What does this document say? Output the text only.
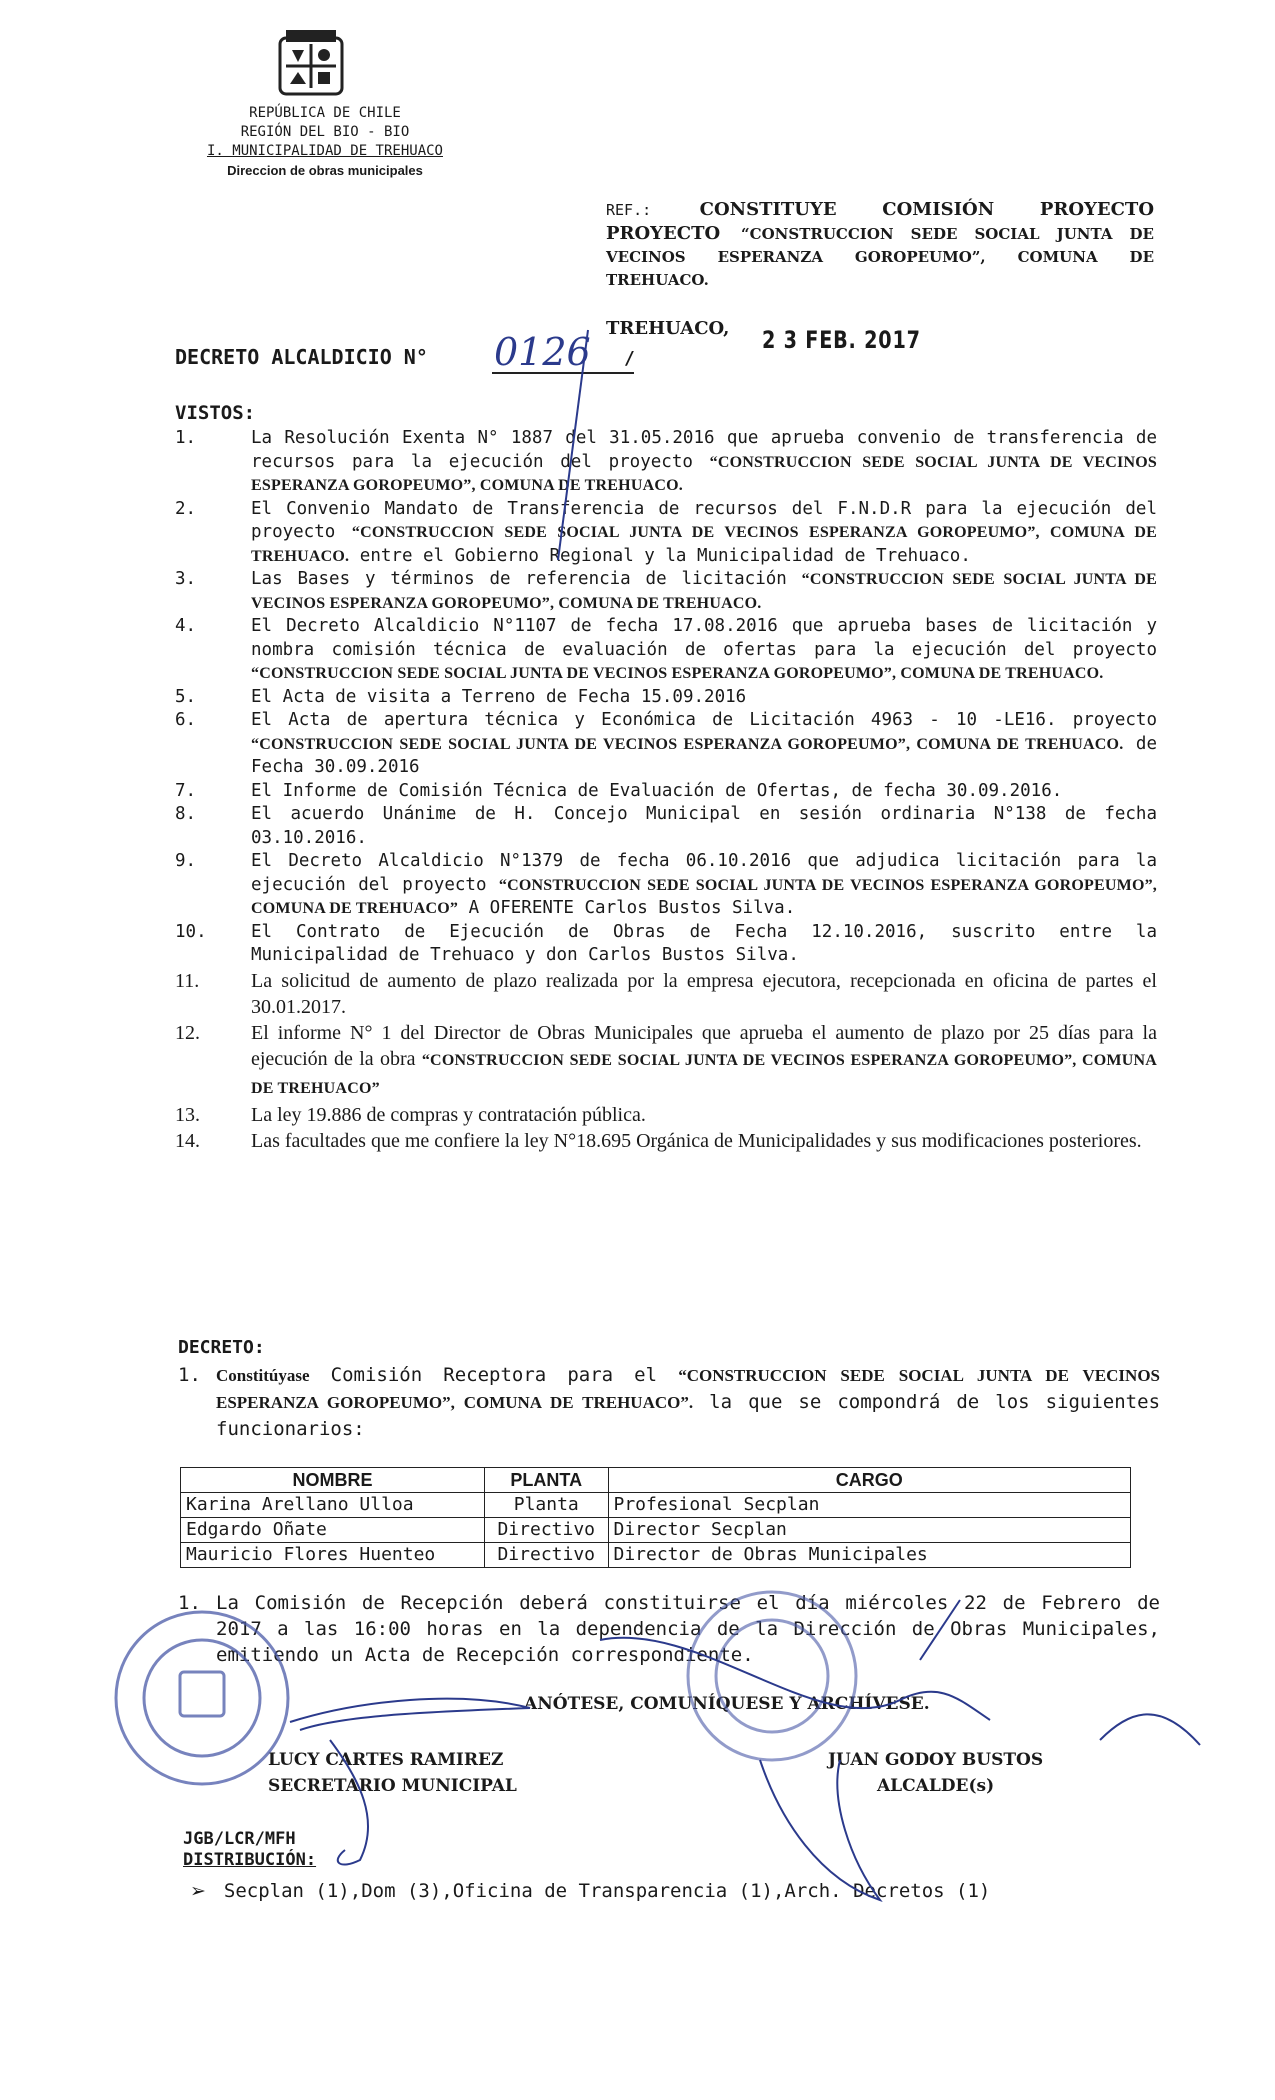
REPÚBLICA DE CHILE
REGIÓN DEL BIO - BIO
I. MUNICIPALIDAD DE TREHUACO
Direccion de obras municipales
REF.:	CONSTITUYE COMISIÓN PROYECTO PROYECTO “CONSTRUCCION SEDE SOCIAL JUNTA DE VECINOS ESPERANZA GOROPEUMO”, COMUNA DE TREHUACO.
TREHUACO, 2 3 FEB. 2017
DECRETO ALCALDICIO N° 0126 /
VISTOS:
1.	La Resolución Exenta N° 1887 del 31.05.2016 que aprueba convenio de transferencia de recursos para la ejecución del proyecto “CONSTRUCCION SEDE SOCIAL JUNTA DE VECINOS ESPERANZA GOROPEUMO”, COMUNA DE TREHUACO.
2.	El Convenio Mandato de Transferencia de recursos del F.N.D.R para la ejecución del proyecto “CONSTRUCCION SEDE SOCIAL JUNTA DE VECINOS ESPERANZA GOROPEUMO”, COMUNA DE TREHUACO. entre el Gobierno Regional y la Municipalidad de Trehuaco.
3.	Las Bases y términos de referencia de licitación “CONSTRUCCION SEDE SOCIAL JUNTA DE VECINOS ESPERANZA GOROPEUMO”, COMUNA DE TREHUACO.
4.	El Decreto Alcaldicio N°1107 de fecha 17.08.2016 que aprueba bases de licitación y nombra comisión técnica de evaluación de ofertas para la ejecución del proyecto “CONSTRUCCION SEDE SOCIAL JUNTA DE VECINOS ESPERANZA GOROPEUMO”, COMUNA DE TREHUACO.
5.	El Acta de visita a Terreno de Fecha 15.09.2016
6.	El Acta de apertura técnica y Económica de Licitación 4963 - 10 -LE16. proyecto “CONSTRUCCION SEDE SOCIAL JUNTA DE VECINOS ESPERANZA GOROPEUMO”, COMUNA DE TREHUACO. de Fecha 30.09.2016
7.	El Informe de Comisión Técnica de Evaluación de Ofertas, de fecha 30.09.2016.
8.	El acuerdo Unánime de H. Concejo Municipal en sesión ordinaria N°138 de fecha 03.10.2016.
9.	El Decreto Alcaldicio N°1379 de fecha 06.10.2016 que adjudica licitación para la ejecución del proyecto “CONSTRUCCION SEDE SOCIAL JUNTA DE VECINOS ESPERANZA GOROPEUMO”, COMUNA DE TREHUACO” A OFERENTE Carlos Bustos Silva.
10.	El Contrato de Ejecución de Obras de Fecha 12.10.2016, suscrito entre la Municipalidad de Trehuaco y don Carlos Bustos Silva.
11.	La solicitud de aumento de plazo realizada por la empresa ejecutora, recepcionada en oficina de partes el 30.01.2017.
12.	El informe N° 1 del Director de Obras Municipales que aprueba el aumento de plazo por 25 días para la ejecución de la obra “CONSTRUCCION SEDE SOCIAL JUNTA DE VECINOS ESPERANZA GOROPEUMO”, COMUNA DE TREHUACO”
13.	La ley 19.886 de compras y contratación pública.
14.	Las facultades que me confiere la ley N°18.695 Orgánica de Municipalidades y sus modificaciones posteriores.
DECRETO:
1. Constitúyase Comisión Receptora para el “CONSTRUCCION SEDE SOCIAL JUNTA DE VECINOS ESPERANZA GOROPEUMO”, COMUNA DE TREHUACO”. la que se compondrá de los siguientes funcionarios:
NOMBRE	PLANTA	CARGO
Karina Arellano Ulloa	Planta	Profesional Secplan
Edgardo Oñate	Directivo	Director Secplan
Mauricio Flores Huenteo	Directivo	Director de Obras Municipales
1. La Comisión de Recepción deberá constituirse el día miércoles 22 de Febrero de 2017 a las 16:00 horas en la dependencia de la Dirección de Obras Municipales, emitiendo un Acta de Recepción correspondiente.
ANÓTESE, COMUNÍQUESE Y ARCHÍVESE.
LUCY CARTES RAMIREZ
SECRETARIO MUNICIPAL
JUAN GODOY BUSTOS
ALCALDE(s)
JGB/LCR/MFH
DISTRIBUCIÓN:
➢ Secplan (1),Dom (3),Oficina de Transparencia (1),Arch. Decretos (1)
